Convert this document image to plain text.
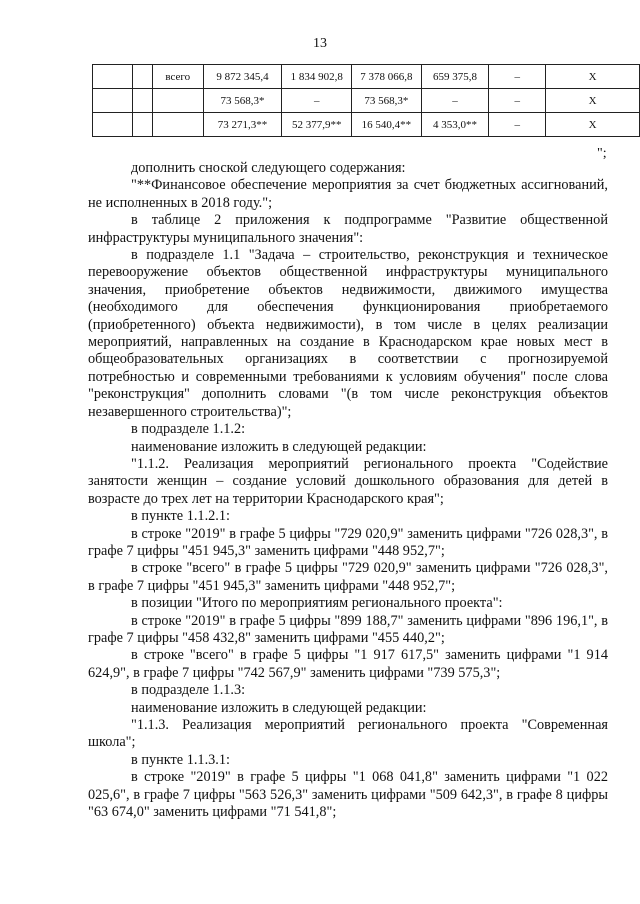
13
		всего	9 872 345,4	1 834 902,8	7 378 066,8	659 375,8	–	X
			73 568,3*	–	73 568,3*	–	–	X
			73 271,3**	52 377,9**	16 540,4**	4 353,0**	–	X
";

дополнить сноской следующего содержания:

"**Финансовое обеспечение мероприятия за счет бюджетных ассигнований, не исполненных в 2018 году.";

в таблице 2 приложения к подпрограмме "Развитие общественной инфраструктуры муниципального значения":

в подразделе 1.1 "Задача – строительство, реконструкция и техническое перевооружение объектов общественной инфраструктуры муниципального значения, приобретение объектов недвижимости, движимого имущества (необходимого для обеспечения функционирования приобретаемого (приобретенного) объекта недвижимости), в том числе в целях реализации мероприятий, направленных на создание в Краснодарском крае новых мест в общеобразовательных организациях в соответствии с прогнозируемой потребностью и современными требованиями к условиям обучения" после слова "реконструкция" дополнить словами "(в том числе реконструкция объектов незавершенного строительства)";

в подразделе 1.1.2:

наименование изложить в следующей редакции:

"1.1.2. Реализация мероприятий регионального проекта "Содействие занятости женщин – создание условий дошкольного образования для детей в возрасте до трех лет на территории Краснодарского края";

в пункте 1.1.2.1:

в строке "2019" в графе 5 цифры "729 020,9" заменить цифрами "726 028,3", в графе 7 цифры "451 945,3" заменить цифрами "448 952,7";

в строке "всего" в графе 5 цифры "729 020,9" заменить цифрами "726 028,3", в графе 7 цифры "451 945,3" заменить цифрами "448 952,7";

в позиции "Итого по мероприятиям регионального проекта":

в строке "2019" в графе 5 цифры "899 188,7" заменить цифрами "896 196,1", в графе 7 цифры "458 432,8" заменить цифрами "455 440,2";

в строке "всего" в графе 5 цифры "1 917 617,5" заменить цифрами "1 914 624,9", в графе 7 цифры "742 567,9" заменить цифрами "739 575,3";

в подразделе 1.1.3:

наименование изложить в следующей редакции:

"1.1.3. Реализация мероприятий регионального проекта "Современная школа";

в пункте 1.1.3.1:

в строке "2019" в графе 5 цифры "1 068 041,8" заменить цифрами "1 022 025,6", в графе 7 цифры "563 526,3" заменить цифрами "509 642,3", в графе 8 цифры "63 674,0" заменить цифрами "71 541,8";
